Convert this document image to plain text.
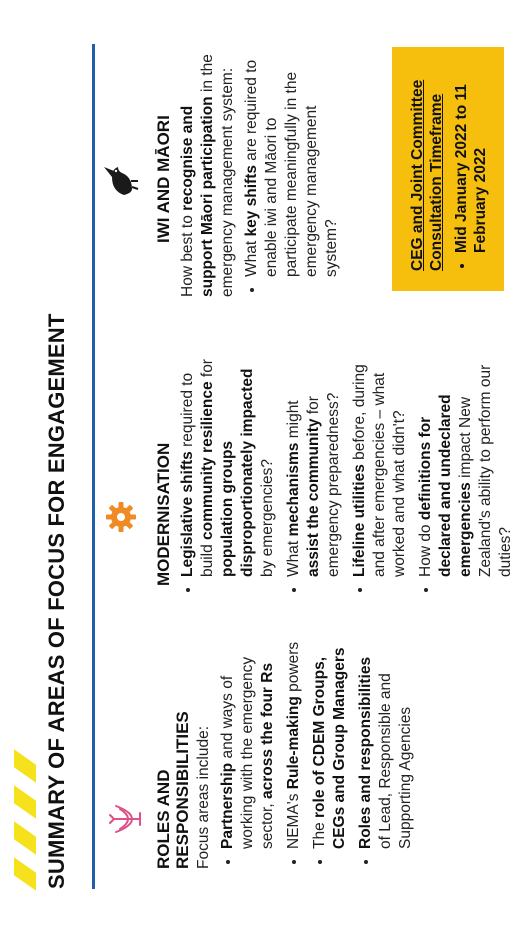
SUMMARY OF AREAS OF FOCUS FOR ENGAGEMENT	ROLES AND RESPONSIBILITIES Focus areas include: • Partnership and ways of working with the emergency sector, across the four Rs
• NEMA's Rule-making powers
• The role of CDEM Groups, CEGs and Group Managers • Roles and responsibilities of Lead, Responsible and Supporting Agencies
MODERNISATION • Legislative shifts required to build community resilience for population groups disproportionately impacted by emergencies? • What mechanisms might assist the community for emergency preparedness? • Lifeline utilities before, during and after emergencies – what worked and what didn't? • How do definitions for declared and undeclared emergencies impact New Zealand's ability to perform our duties?
IWI AND MĀORI
How best to recognise and support Māori participation in the emergency management system: • What key shifts are required to enable iwi and Māori to participate meaningfully in the emergency management system?	CEG and Joint Committee Consultation Timeframe • Mid January 2022 to 11 February 2022
